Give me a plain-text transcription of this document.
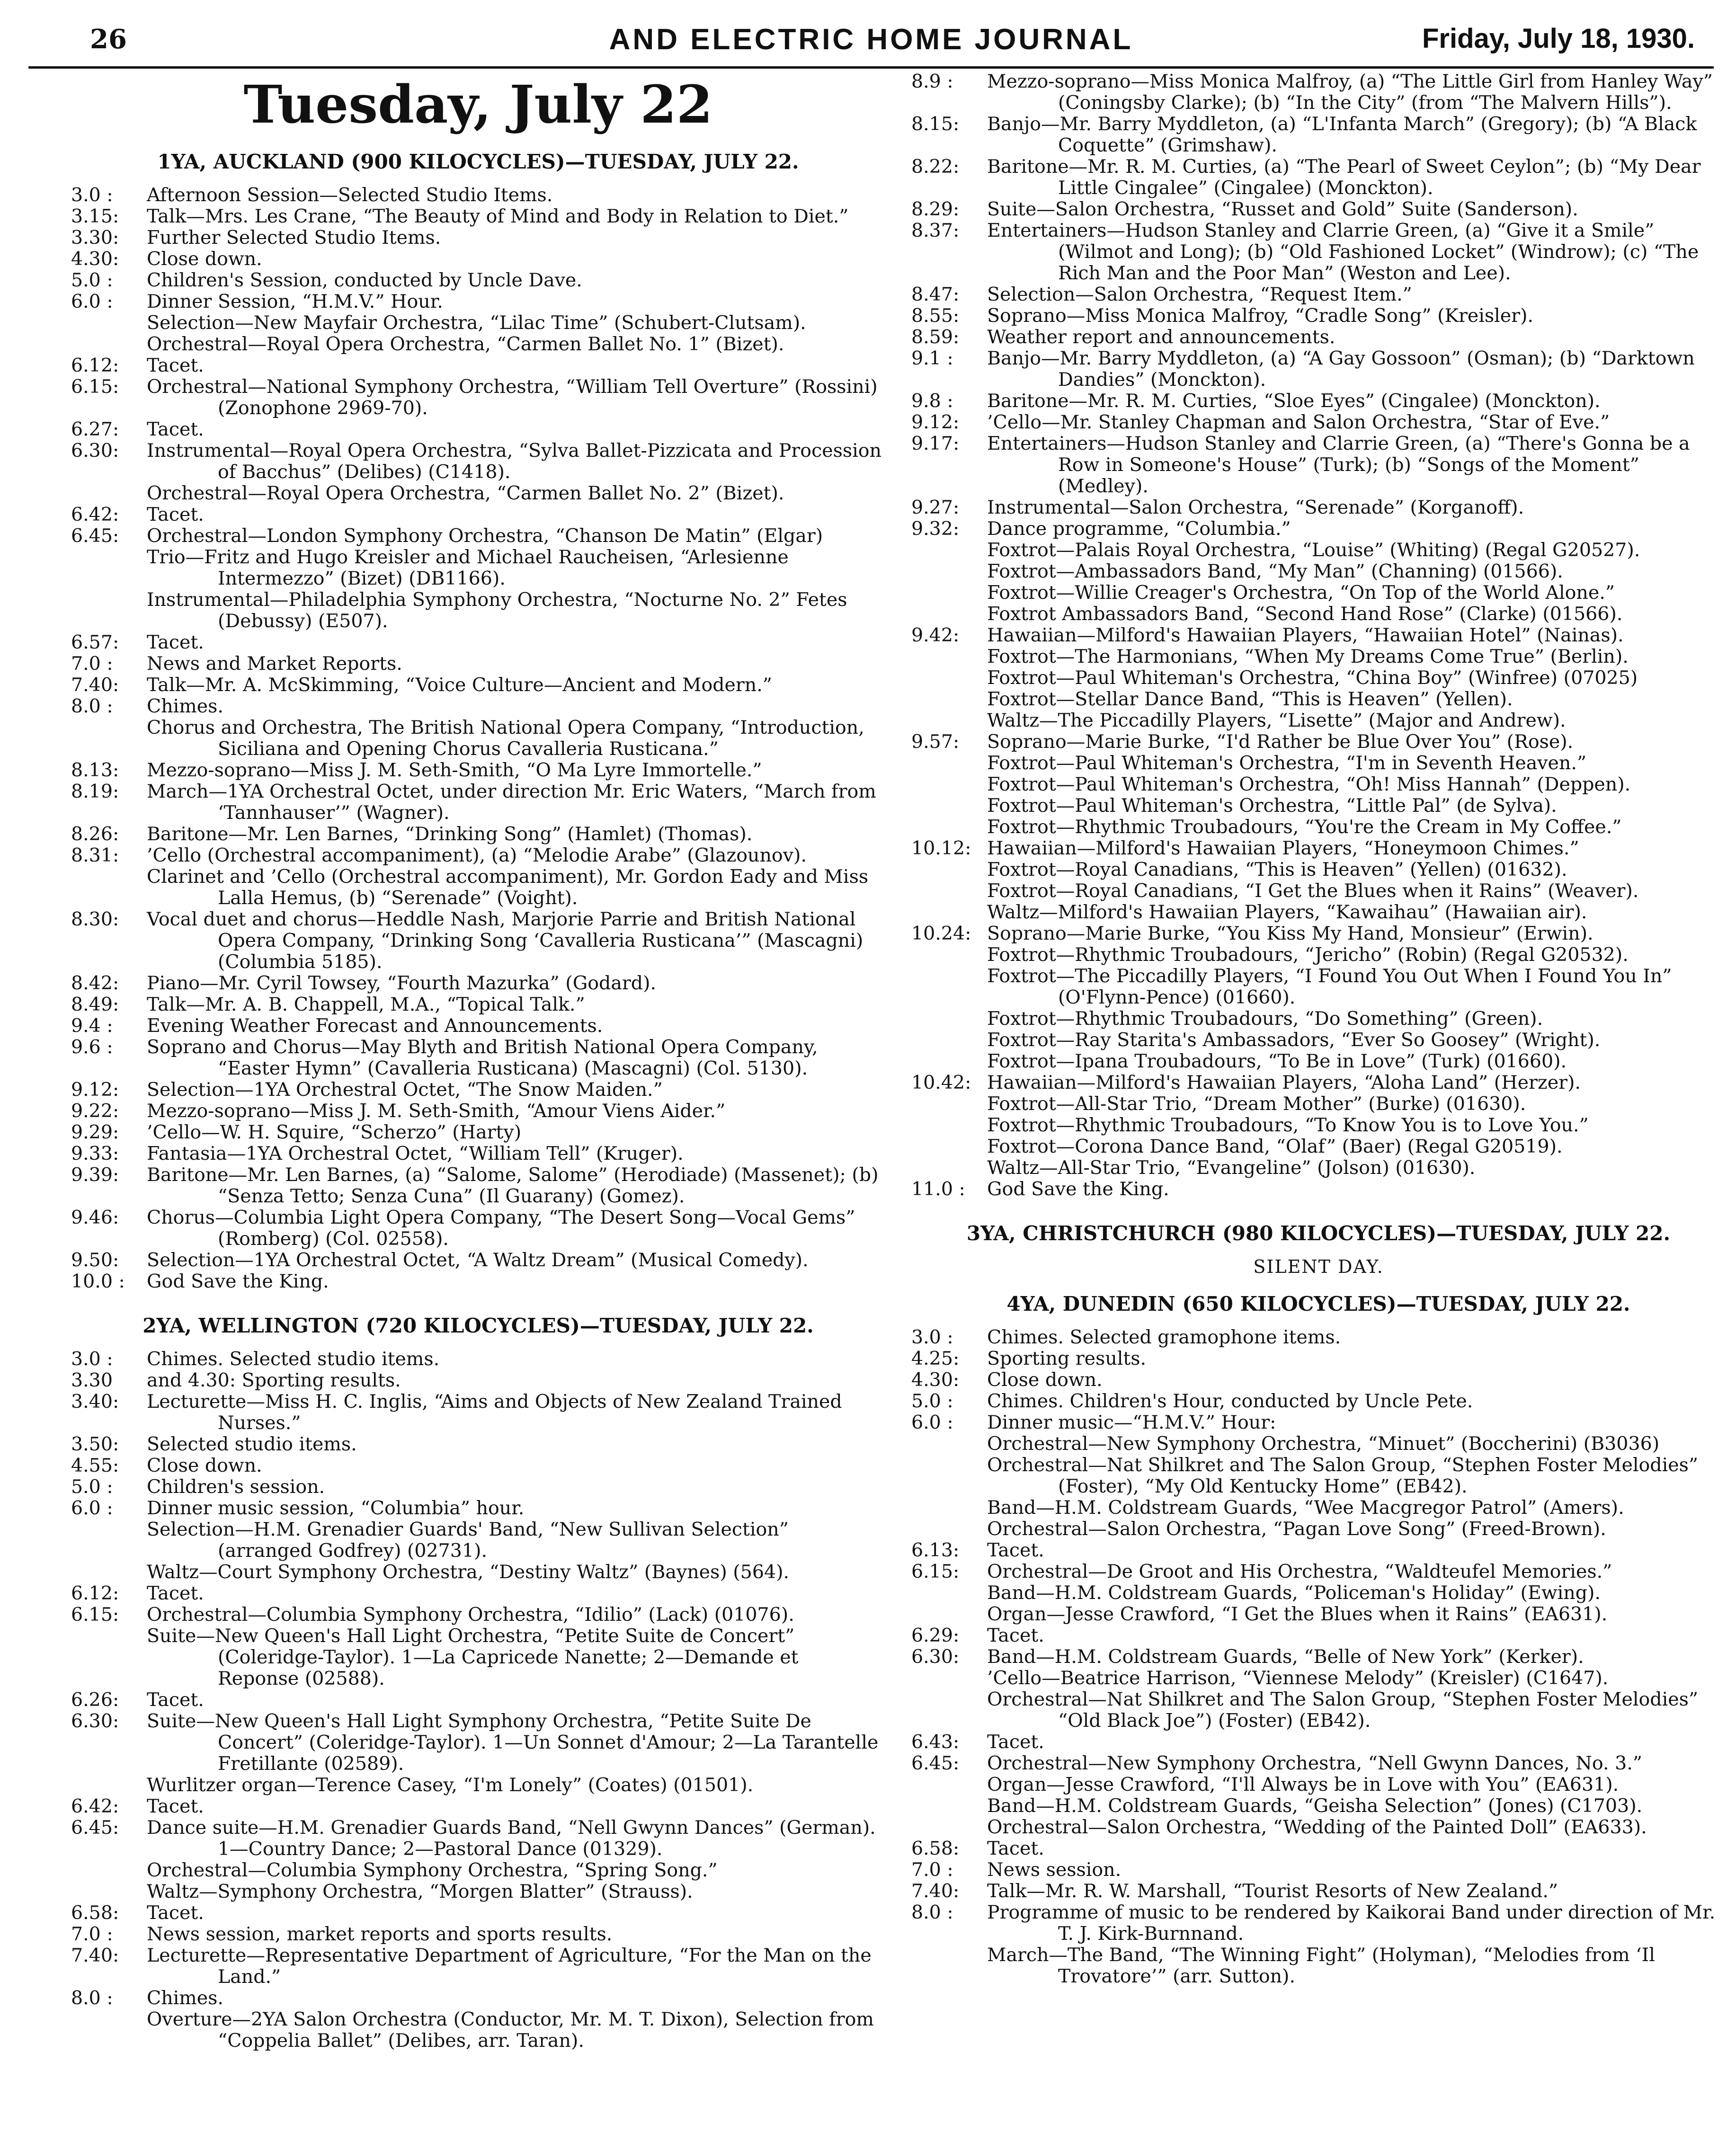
26	AND ELECTRIC HOME JOURNAL	Friday, July 18, 1930.
Tuesday, July 22
1YA, AUCKLAND (900 KILOCYCLES)—TUESDAY, JULY 22.
3.0 :	Afternoon Session—Selected Studio Items.
3.15:	Talk—Mrs. Les Crane, “The Beauty of Mind and Body in Relation to Diet.”
3.30:	Further Selected Studio Items.
4.30:	Close down.
5.0 :	Children's Session, conducted by Uncle Dave.
6.0 :	Dinner Session, “H.M.V.” Hour.
Selection—New Mayfair Orchestra, “Lilac Time” (Schubert-Clutsam).
Orchestral—Royal Opera Orchestra, “Carmen Ballet No. 1” (Bizet).
6.12:	Tacet.
6.15:	Orchestral—National Symphony Orchestra, “William Tell Overture” (Rossini) (Zonophone 2969-70).
6.27:	Tacet.
6.30:	Instrumental—Royal Opera Orchestra, “Sylva Ballet-Pizzicata and Procession of Bacchus” (Delibes) (C1418).
Orchestral—Royal Opera Orchestra, “Carmen Ballet No. 2” (Bizet).
6.42:	Tacet.
6.45:	Orchestral—London Symphony Orchestra, “Chanson De Matin” (Elgar)
Trio—Fritz and Hugo Kreisler and Michael Raucheisen, “Arlesienne Intermezzo” (Bizet) (DB1166).
Instrumental—Philadelphia Symphony Orchestra, “Nocturne No. 2” Fetes (Debussy) (E507).
6.57:	Tacet.
7.0 :	News and Market Reports.
7.40:	Talk—Mr. A. McSkimming, “Voice Culture—Ancient and Modern.”
8.0 :	Chimes.
Chorus and Orchestra, The British National Opera Company, “Introduction, Siciliana and Opening Chorus Cavalleria Rusticana.”
8.13:	Mezzo-soprano—Miss J. M. Seth-Smith, “O Ma Lyre Immortelle.”
8.19:	March—1YA Orchestral Octet, under direction Mr. Eric Waters, “March from ‘Tannhauser’” (Wagner).
8.26:	Baritone—Mr. Len Barnes, “Drinking Song” (Hamlet) (Thomas).
8.31:	’Cello (Orchestral accompaniment), (a) “Melodie Arabe” (Glazounov).
Clarinet and ’Cello (Orchestral accompaniment), Mr. Gordon Eady and Miss Lalla Hemus, (b) “Serenade” (Voight).
8.30:	Vocal duet and chorus—Heddle Nash, Marjorie Parrie and British National Opera Company, “Drinking Song ‘Cavalleria Rusticana’” (Mascagni) (Columbia 5185).
8.42:	Piano—Mr. Cyril Towsey, “Fourth Mazurka” (Godard).
8.49:	Talk—Mr. A. B. Chappell, M.A., “Topical Talk.”
9.4 :	Evening Weather Forecast and Announcements.
9.6 :	Soprano and Chorus—May Blyth and British National Opera Company, “Easter Hymn” (Cavalleria Rusticana) (Mascagni) (Col. 5130).
9.12:	Selection—1YA Orchestral Octet, “The Snow Maiden.”
9.22:	Mezzo-soprano—Miss J. M. Seth-Smith, “Amour Viens Aider.”
9.29:	’Cello—W. H. Squire, “Scherzo” (Harty)
9.33:	Fantasia—1YA Orchestral Octet, “William Tell” (Kruger).
9.39:	Baritone—Mr. Len Barnes, (a) “Salome, Salome” (Herodiade) (Massenet); (b) “Senza Tetto; Senza Cuna” (Il Guarany) (Gomez).
9.46:	Chorus—Columbia Light Opera Company, “The Desert Song—Vocal Gems” (Romberg) (Col. 02558).
9.50:	Selection—1YA Orchestral Octet, “A Waltz Dream” (Musical Comedy).
10.0 :	God Save the King.
2YA, WELLINGTON (720 KILOCYCLES)—TUESDAY, JULY 22.
3.0 :	Chimes. Selected studio items.
3.30	and 4.30: Sporting results.
3.40:	Lecturette—Miss H. C. Inglis, “Aims and Objects of New Zealand Trained Nurses.”
3.50:	Selected studio items.
4.55:	Close down.
5.0 :	Children's session.
6.0 :	Dinner music session, “Columbia” hour.
Selection—H.M. Grenadier Guards' Band, “New Sullivan Selection” (arranged Godfrey) (02731).
Waltz—Court Symphony Orchestra, “Destiny Waltz” (Baynes) (564).
6.12:	Tacet.
6.15:	Orchestral—Columbia Symphony Orchestra, “Idilio” (Lack) (01076).
Suite—New Queen's Hall Light Orchestra, “Petite Suite de Concert” (Coleridge-Taylor). 1—La Capricede Nanette; 2—Demande et Reponse (02588).
6.26:	Tacet.
6.30:	Suite—New Queen's Hall Light Symphony Orchestra, “Petite Suite De Concert” (Coleridge-Taylor). 1—Un Sonnet d'Amour; 2—La Tarantelle Fretillante (02589).
Wurlitzer organ—Terence Casey, “I'm Lonely” (Coates) (01501).
6.42:	Tacet.
6.45:	Dance suite—H.M. Grenadier Guards Band, “Nell Gwynn Dances” (German). 1—Country Dance; 2—Pastoral Dance (01329).
Orchestral—Columbia Symphony Orchestra, “Spring Song.”
Waltz—Symphony Orchestra, “Morgen Blatter” (Strauss).
6.58:	Tacet.
7.0 :	News session, market reports and sports results.
7.40:	Lecturette—Representative Department of Agriculture, “For the Man on the Land.”
8.0 :	Chimes.
Overture—2YA Salon Orchestra (Conductor, Mr. M. T. Dixon), Selection from “Coppelia Ballet” (Delibes, arr. Taran).
8.9 :	Mezzo-soprano—Miss Monica Malfroy, (a) “The Little Girl from Hanley Way” (Coningsby Clarke); (b) “In the City” (from “The Malvern Hills”).
8.15:	Banjo—Mr. Barry Myddleton, (a) “L'Infanta March” (Gregory); (b) “A Black Coquette” (Grimshaw).
8.22:	Baritone—Mr. R. M. Curties, (a) “The Pearl of Sweet Ceylon”; (b) “My Dear Little Cingalee” (Cingalee) (Monckton).
8.29:	Suite—Salon Orchestra, “Russet and Gold” Suite (Sanderson).
8.37:	Entertainers—Hudson Stanley and Clarrie Green, (a) “Give it a Smile” (Wilmot and Long); (b) “Old Fashioned Locket” (Windrow); (c) “The Rich Man and the Poor Man” (Weston and Lee).
8.47:	Selection—Salon Orchestra, “Request Item.”
8.55:	Soprano—Miss Monica Malfroy, “Cradle Song” (Kreisler).
8.59:	Weather report and announcements.
9.1 :	Banjo—Mr. Barry Myddleton, (a) “A Gay Gossoon” (Osman); (b) “Darktown Dandies” (Monckton).
9.8 :	Baritone—Mr. R. M. Curties, “Sloe Eyes” (Cingalee) (Monckton).
9.12:	’Cello—Mr. Stanley Chapman and Salon Orchestra, “Star of Eve.”
9.17:	Entertainers—Hudson Stanley and Clarrie Green, (a) “There's Gonna be a Row in Someone's House” (Turk); (b) “Songs of the Moment” (Medley).
9.27:	Instrumental—Salon Orchestra, “Serenade” (Korganoff).
9.32:	Dance programme, “Columbia.”
Foxtrot—Palais Royal Orchestra, “Louise” (Whiting) (Regal G20527).
Foxtrot—Ambassadors Band, “My Man” (Channing) (01566).
Foxtrot—Willie Creager's Orchestra, “On Top of the World Alone.”
Foxtrot Ambassadors Band, “Second Hand Rose” (Clarke) (01566).
9.42:	Hawaiian—Milford's Hawaiian Players, “Hawaiian Hotel” (Nainas).
Foxtrot—The Harmonians, “When My Dreams Come True” (Berlin).
Foxtrot—Paul Whiteman's Orchestra, “China Boy” (Winfree) (07025)
Foxtrot—Stellar Dance Band, “This is Heaven” (Yellen).
Waltz—The Piccadilly Players, “Lisette” (Major and Andrew).
9.57:	Soprano—Marie Burke, “I'd Rather be Blue Over You” (Rose).
Foxtrot—Paul Whiteman's Orchestra, “I'm in Seventh Heaven.”
Foxtrot—Paul Whiteman's Orchestra, “Oh! Miss Hannah” (Deppen).
Foxtrot—Paul Whiteman's Orchestra, “Little Pal” (de Sylva).
Foxtrot—Rhythmic Troubadours, “You're the Cream in My Coffee.”
10.12: Hawaiian—Milford's Hawaiian Players, “Honeymoon Chimes.”
Foxtrot—Royal Canadians, “This is Heaven” (Yellen) (01632).
Foxtrot—Royal Canadians, “I Get the Blues when it Rains” (Weaver).
Waltz—Milford's Hawaiian Players, “Kawaihau” (Hawaiian air).
10.24: Soprano—Marie Burke, “You Kiss My Hand, Monsieur” (Erwin).
Foxtrot—Rhythmic Troubadours, “Jericho” (Robin) (Regal G20532).
Foxtrot—The Piccadilly Players, “I Found You Out When I Found You In” (O'Flynn-Pence) (01660).
Foxtrot—Rhythmic Troubadours, “Do Something” (Green).
Foxtrot—Ray Starita's Ambassadors, “Ever So Goosey” (Wright).
Foxtrot—Ipana Troubadours, “To Be in Love” (Turk) (01660).
10.42: Hawaiian—Milford's Hawaiian Players, “Aloha Land” (Herzer).
Foxtrot—All-Star Trio, “Dream Mother” (Burke) (01630).
Foxtrot—Rhythmic Troubadours, “To Know You is to Love You.”
Foxtrot—Corona Dance Band, “Olaf” (Baer) (Regal G20519).
Waltz—All-Star Trio, “Evangeline” (Jolson) (01630).
11.0 :	God Save the King.
3YA, CHRISTCHURCH (980 KILOCYCLES)—TUESDAY, JULY 22.
SILENT DAY.
4YA, DUNEDIN (650 KILOCYCLES)—TUESDAY, JULY 22.
3.0 :	Chimes. Selected gramophone items.
4.25:	Sporting results.
4.30:	Close down.
5.0 :	Chimes. Children's Hour, conducted by Uncle Pete.
6.0 :	Dinner music—“H.M.V.” Hour:
Orchestral—New Symphony Orchestra, “Minuet” (Boccherini) (B3036)
Orchestral—Nat Shilkret and The Salon Group, “Stephen Foster Melodies” (Foster), “My Old Kentucky Home” (EB42).
Band—H.M. Coldstream Guards, “Wee Macgregor Patrol” (Amers).
Orchestral—Salon Orchestra, “Pagan Love Song” (Freed-Brown).
6.13:	Tacet.
6.15:	Orchestral—De Groot and His Orchestra, “Waldteufel Memories.”
Band—H.M. Coldstream Guards, “Policeman's Holiday” (Ewing).
Organ—Jesse Crawford, “I Get the Blues when it Rains” (EA631).
6.29:	Tacet.
6.30:	Band—H.M. Coldstream Guards, “Belle of New York” (Kerker).
’Cello—Beatrice Harrison, “Viennese Melody” (Kreisler) (C1647).
Orchestral—Nat Shilkret and The Salon Group, “Stephen Foster Melodies” “Old Black Joe”) (Foster) (EB42).
6.43:	Tacet.
6.45:	Orchestral—New Symphony Orchestra, “Nell Gwynn Dances, No. 3.”
Organ—Jesse Crawford, “I'll Always be in Love with You” (EA631).
Band—H.M. Coldstream Guards, “Geisha Selection” (Jones) (C1703).
Orchestral—Salon Orchestra, “Wedding of the Painted Doll” (EA633).
6.58:	Tacet.
7.0 :	News session.
7.40:	Talk—Mr. R. W. Marshall, “Tourist Resorts of New Zealand.”
8.0 :	Programme of music to be rendered by Kaikorai Band under direction of Mr. T. J. Kirk-Burnnand.
March—The Band, “The Winning Fight” (Holyman), “Melodies from ‘Il Trovatore’” (arr. Sutton).
